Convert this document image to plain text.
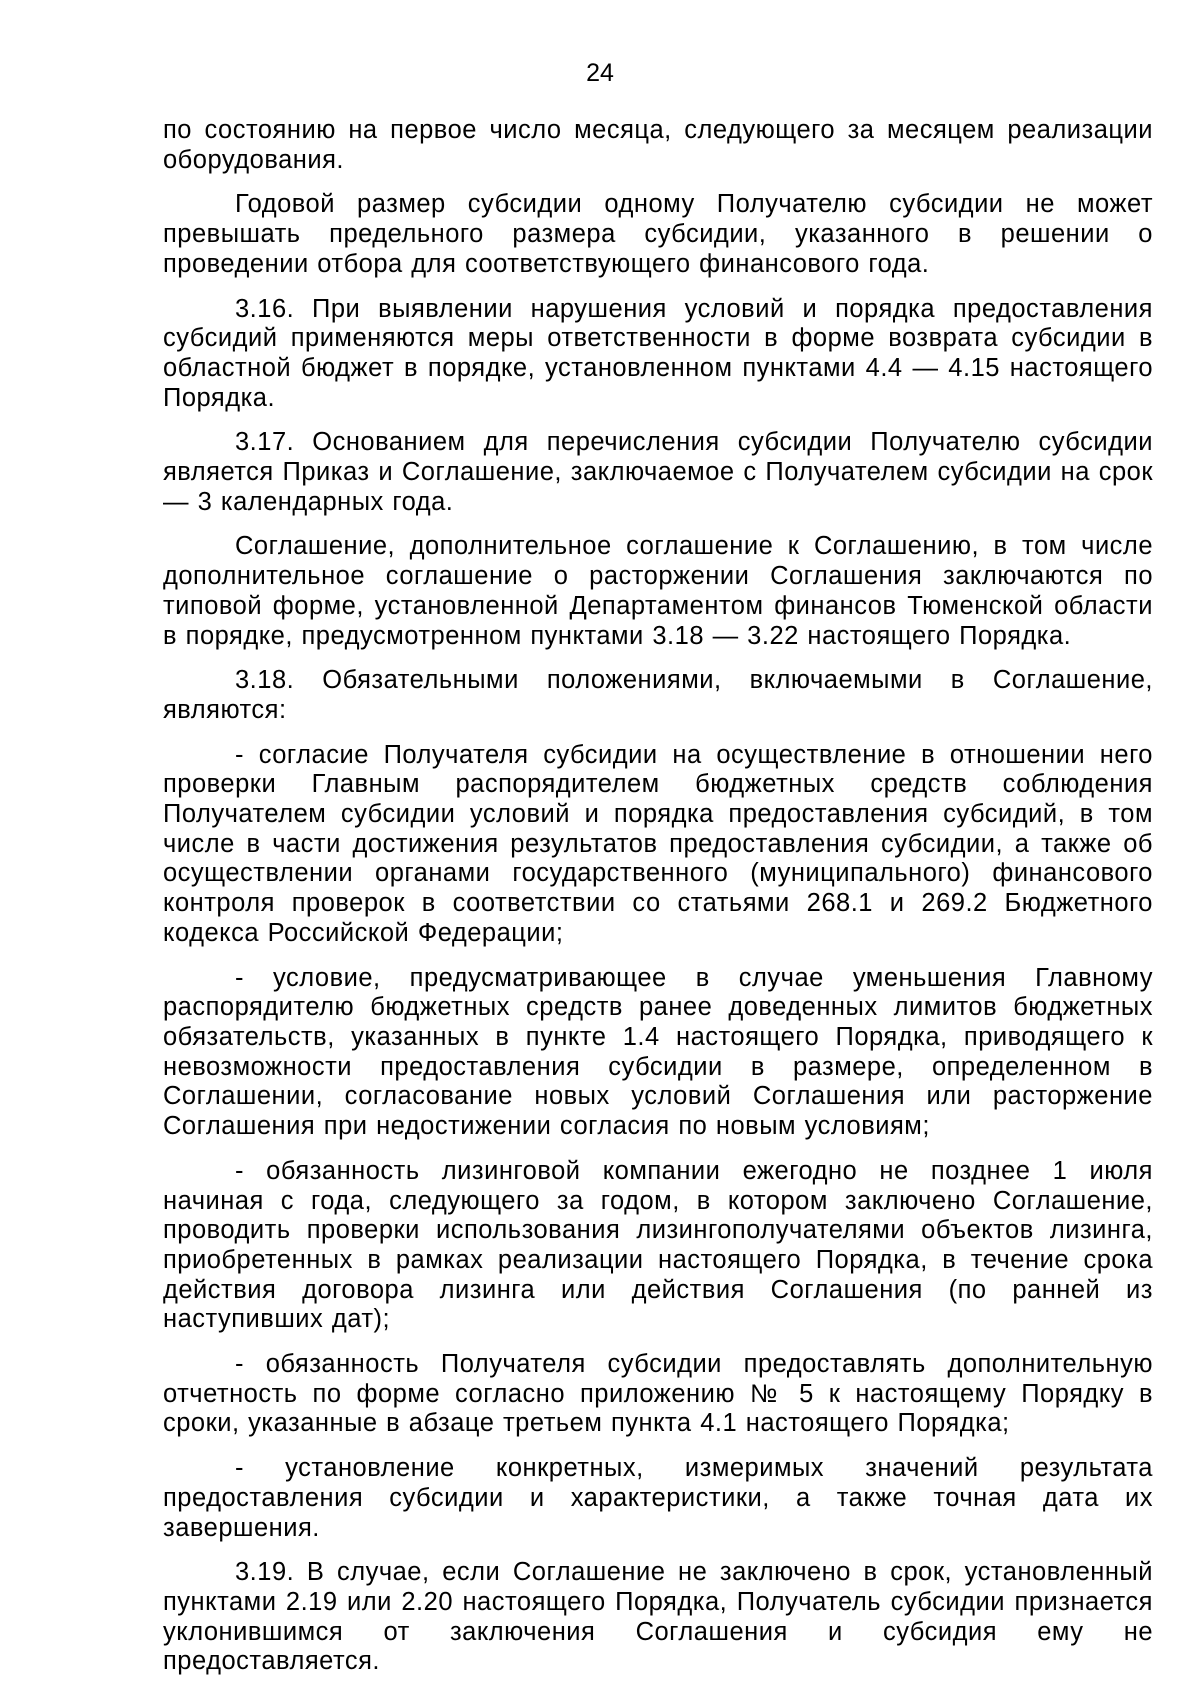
24

по состоянию на первое число месяца, следующего за месяцем реализации оборудования.

Годовой размер субсидии одному Получателю субсидии не может превышать предельного размера субсидии, указанного в решении о проведении отбора для соответствующего финансового года.

3.16. При выявлении нарушения условий и порядка предоставления субсидий применяются меры ответственности в форме возврата субсидии в областной бюджет в порядке, установленном пунктами 4.4 — 4.15 настоящего Порядка.

3.17. Основанием для перечисления субсидии Получателю субсидии является Приказ и Соглашение, заключаемое с Получателем субсидии на срок — 3 календарных года.

Соглашение, дополнительное соглашение к Соглашению, в том числе дополнительное соглашение о расторжении Соглашения заключаются по типовой форме, установленной Департаментом финансов Тюменской области в порядке, предусмотренном пунктами 3.18 — 3.22 настоящего Порядка.

3.18. Обязательными положениями, включаемыми в Соглашение, являются:

- согласие Получателя субсидии на осуществление в отношении него проверки Главным распорядителем бюджетных средств соблюдения Получателем субсидии условий и порядка предоставления субсидий, в том числе в части достижения результатов предоставления субсидии, а также об осуществлении органами государственного (муниципального) финансового контроля проверок в соответствии со статьями 268.1 и 269.2 Бюджетного кодекса Российской Федерации;

- условие, предусматривающее в случае уменьшения Главному распорядителю бюджетных средств ранее доведенных лимитов бюджетных обязательств, указанных в пункте 1.4 настоящего Порядка, приводящего к невозможности предоставления субсидии в размере, определенном в Соглашении, согласование новых условий Соглашения или расторжение Соглашения при недостижении согласия по новым условиям;

- обязанность лизинговой компании ежегодно не позднее 1 июля начиная с года, следующего за годом, в котором заключено Соглашение, проводить проверки использования лизингополучателями объектов лизинга, приобретенных в рамках реализации настоящего Порядка, в течение срока действия договора лизинга или действия Соглашения (по ранней из наступивших дат);

- обязанность Получателя субсидии предоставлять дополнительную отчетность по форме согласно приложению № 5 к настоящему Порядку в сроки, указанные в абзаце третьем пункта 4.1 настоящего Порядка;

- установление конкретных, измеримых значений результата предоставления субсидии и характеристики, а также точная дата их завершения.

3.19. В случае, если Соглашение не заключено в срок, установленный пунктами 2.19 или 2.20 настоящего Порядка, Получатель субсидии признается уклонившимся от заключения Соглашения и субсидия ему не предоставляется.
